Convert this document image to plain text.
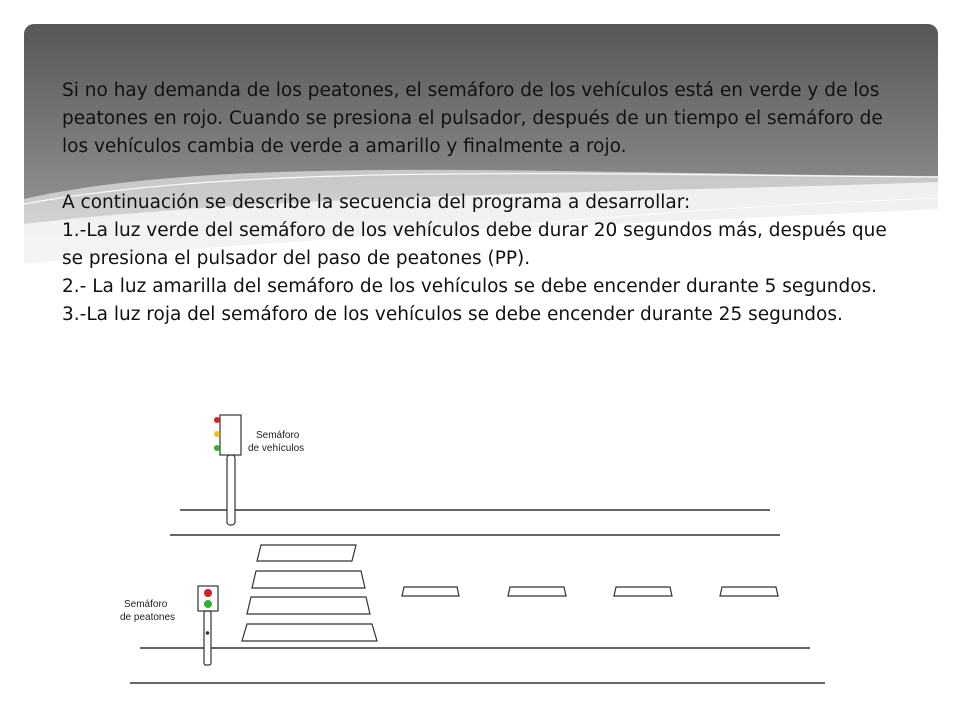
Si no hay demanda de los peatones, el semáforo de los vehículos está en verde y de los peatones en rojo. Cuando se presiona el pulsador, después de un tiempo el semáforo de los vehículos cambia de verde a amarillo y finalmente a rojo.

A continuación se describe la secuencia del programa a desarrollar:

1.-La luz verde del semáforo de los vehículos debe durar 20 segundos más, después que se presiona el pulsador del paso de peatones (PP).

2.- La luz amarilla del semáforo de los vehículos se debe encender durante 5 segundos.

3.-La luz roja del semáforo de los vehículos se debe encender durante 25 segundos.

Semáforo
de vehículos
Semáforo
de peatones
